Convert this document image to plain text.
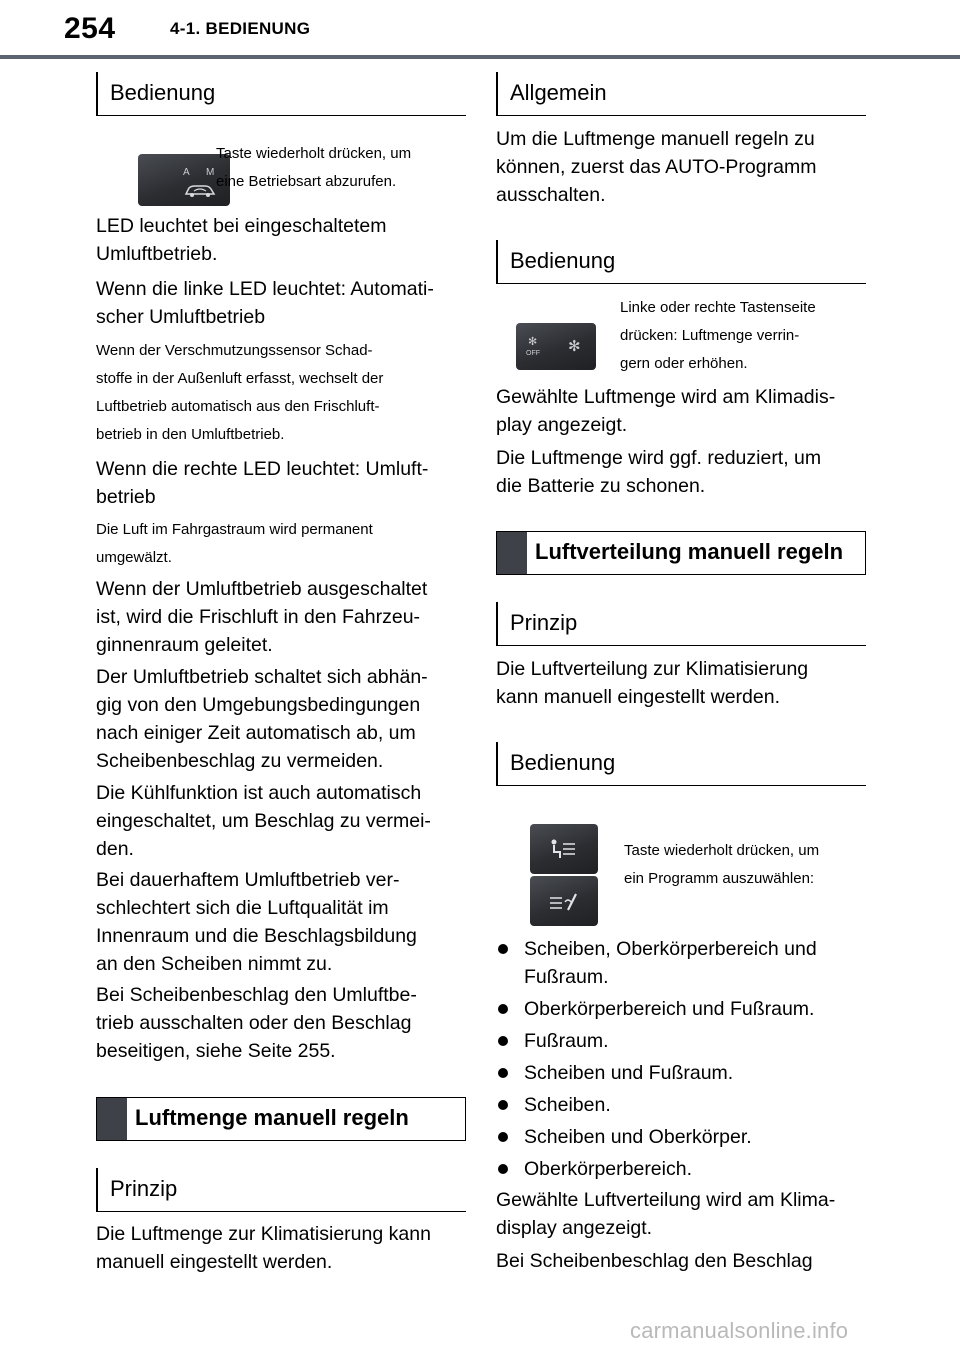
254	4-1. BEDIENUNG
Bedienung
A M
Taste wiederholt drücken, um
eine Betriebsart abzurufen.
LED leuchtet bei eingeschaltetem
Umluftbetrieb.
Wenn die linke LED leuchtet: Automati-
scher Umluftbetrieb
Wenn der Verschmutzungssensor Schad-
stoffe in der Außenluft erfasst, wechselt der
Luftbetrieb automatisch aus den Frischluft-
betrieb in den Umluftbetrieb.
Wenn die rechte LED leuchtet: Umluft-
betrieb
Die Luft im Fahrgastraum wird permanent
umgewälzt.
Wenn der Umluftbetrieb ausgeschaltet
ist, wird die Frischluft in den Fahrzeu-
ginnenraum geleitet.
Der Umluftbetrieb schaltet sich abhän-
gig von den Umgebungsbedingungen
nach einiger Zeit automatisch ab, um
Scheibenbeschlag zu vermeiden.
Die Kühlfunktion ist auch automatisch
eingeschaltet, um Beschlag zu vermei-
den.
Bei dauerhaftem Umluftbetrieb ver-
schlechtert sich die Luftqualität im
Innenraum und die Beschlagsbildung
an den Scheiben nimmt zu.
Bei Scheibenbeschlag den Umluftbe-
trieb ausschalten oder den Beschlag
beseitigen, siehe Seite 255.
Luftmenge manuell regeln
Prinzip
Die Luftmenge zur Klimatisierung kann
manuell eingestellt werden.
Allgemein
Um die Luftmenge manuell regeln zu
können, zuerst das AUTO-Programm
ausschalten.
Bedienung
OFF
✻ ✻
Linke oder rechte Tastenseite
drücken: Luftmenge verrin-
gern oder erhöhen.
Gewählte Luftmenge wird am Klimadis-
play angezeigt.
Die Luftmenge wird ggf. reduziert, um
die Batterie zu schonen.
Luftverteilung manuell regeln
Prinzip
Die Luftverteilung zur Klimatisierung
kann manuell eingestellt werden.
Bedienung
Taste wiederholt drücken, um
ein Programm auszuwählen:
Scheiben, Oberkörperbereich und
Fußraum.
Oberkörperbereich und Fußraum.
Fußraum.
Scheiben und Fußraum.
Scheiben.
Scheiben und Oberkörper.
Oberkörperbereich.
Gewählte Luftverteilung wird am Klima-
display angezeigt.
Bei Scheibenbeschlag den Beschlag
carmanualsonline.info
